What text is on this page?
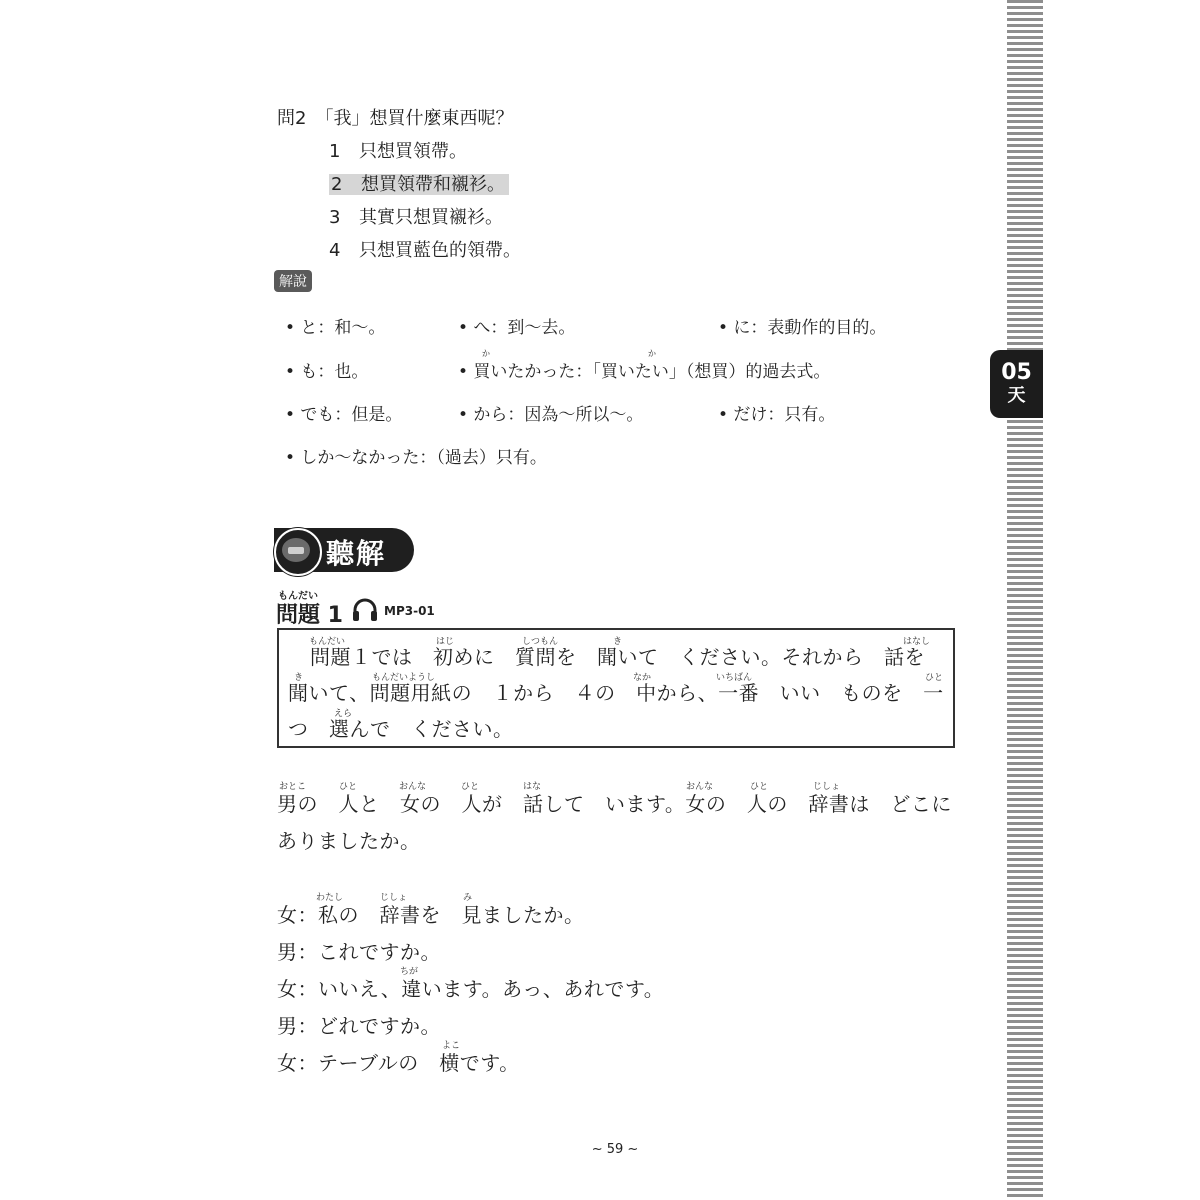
05
天
問2　「我」想買什麼東西呢？
1 只想買領帶。
2 想買領帶和襯衫。
3 其實只想買襯衫。
4 只想買藍色的領帶。
解說
• と：和～。	• へ：到～去。	• に：表動作的目的。
か	か
• も：也。	• 買いたかった：「買いたい」（想買）的過去式。
• でも：但是。	• から：因為～所以～。	• だけ：只有。
• しか～なかった：（過去）只有。
聽解
もんだい
問題 1	MP3-01
もんだい	はじ	しつもん	き	はなし
問題１では　初めに　質問を　聞いて　ください。それから　話を
き	もんだいようし	なか	いちばん	ひと
聞いて、問題用紙の　１から　４の　中から、一番　いい　ものを　一
えら
つ　選んで　ください。
おとこ	ひと	おんな	ひと	はな	おんな	ひと	じしょ
男の　人と　女の　人が　話して　います。女の　人の　辞書は　どこに
ありましたか。
わたし	じしょ	み
女：私の　辞書を　見ましたか。
男：これですか。
ちが
女：いいえ、違います。あっ、あれです。
男：どれですか。
よこ
女：テーブルの　横です。
~ 59 ~
